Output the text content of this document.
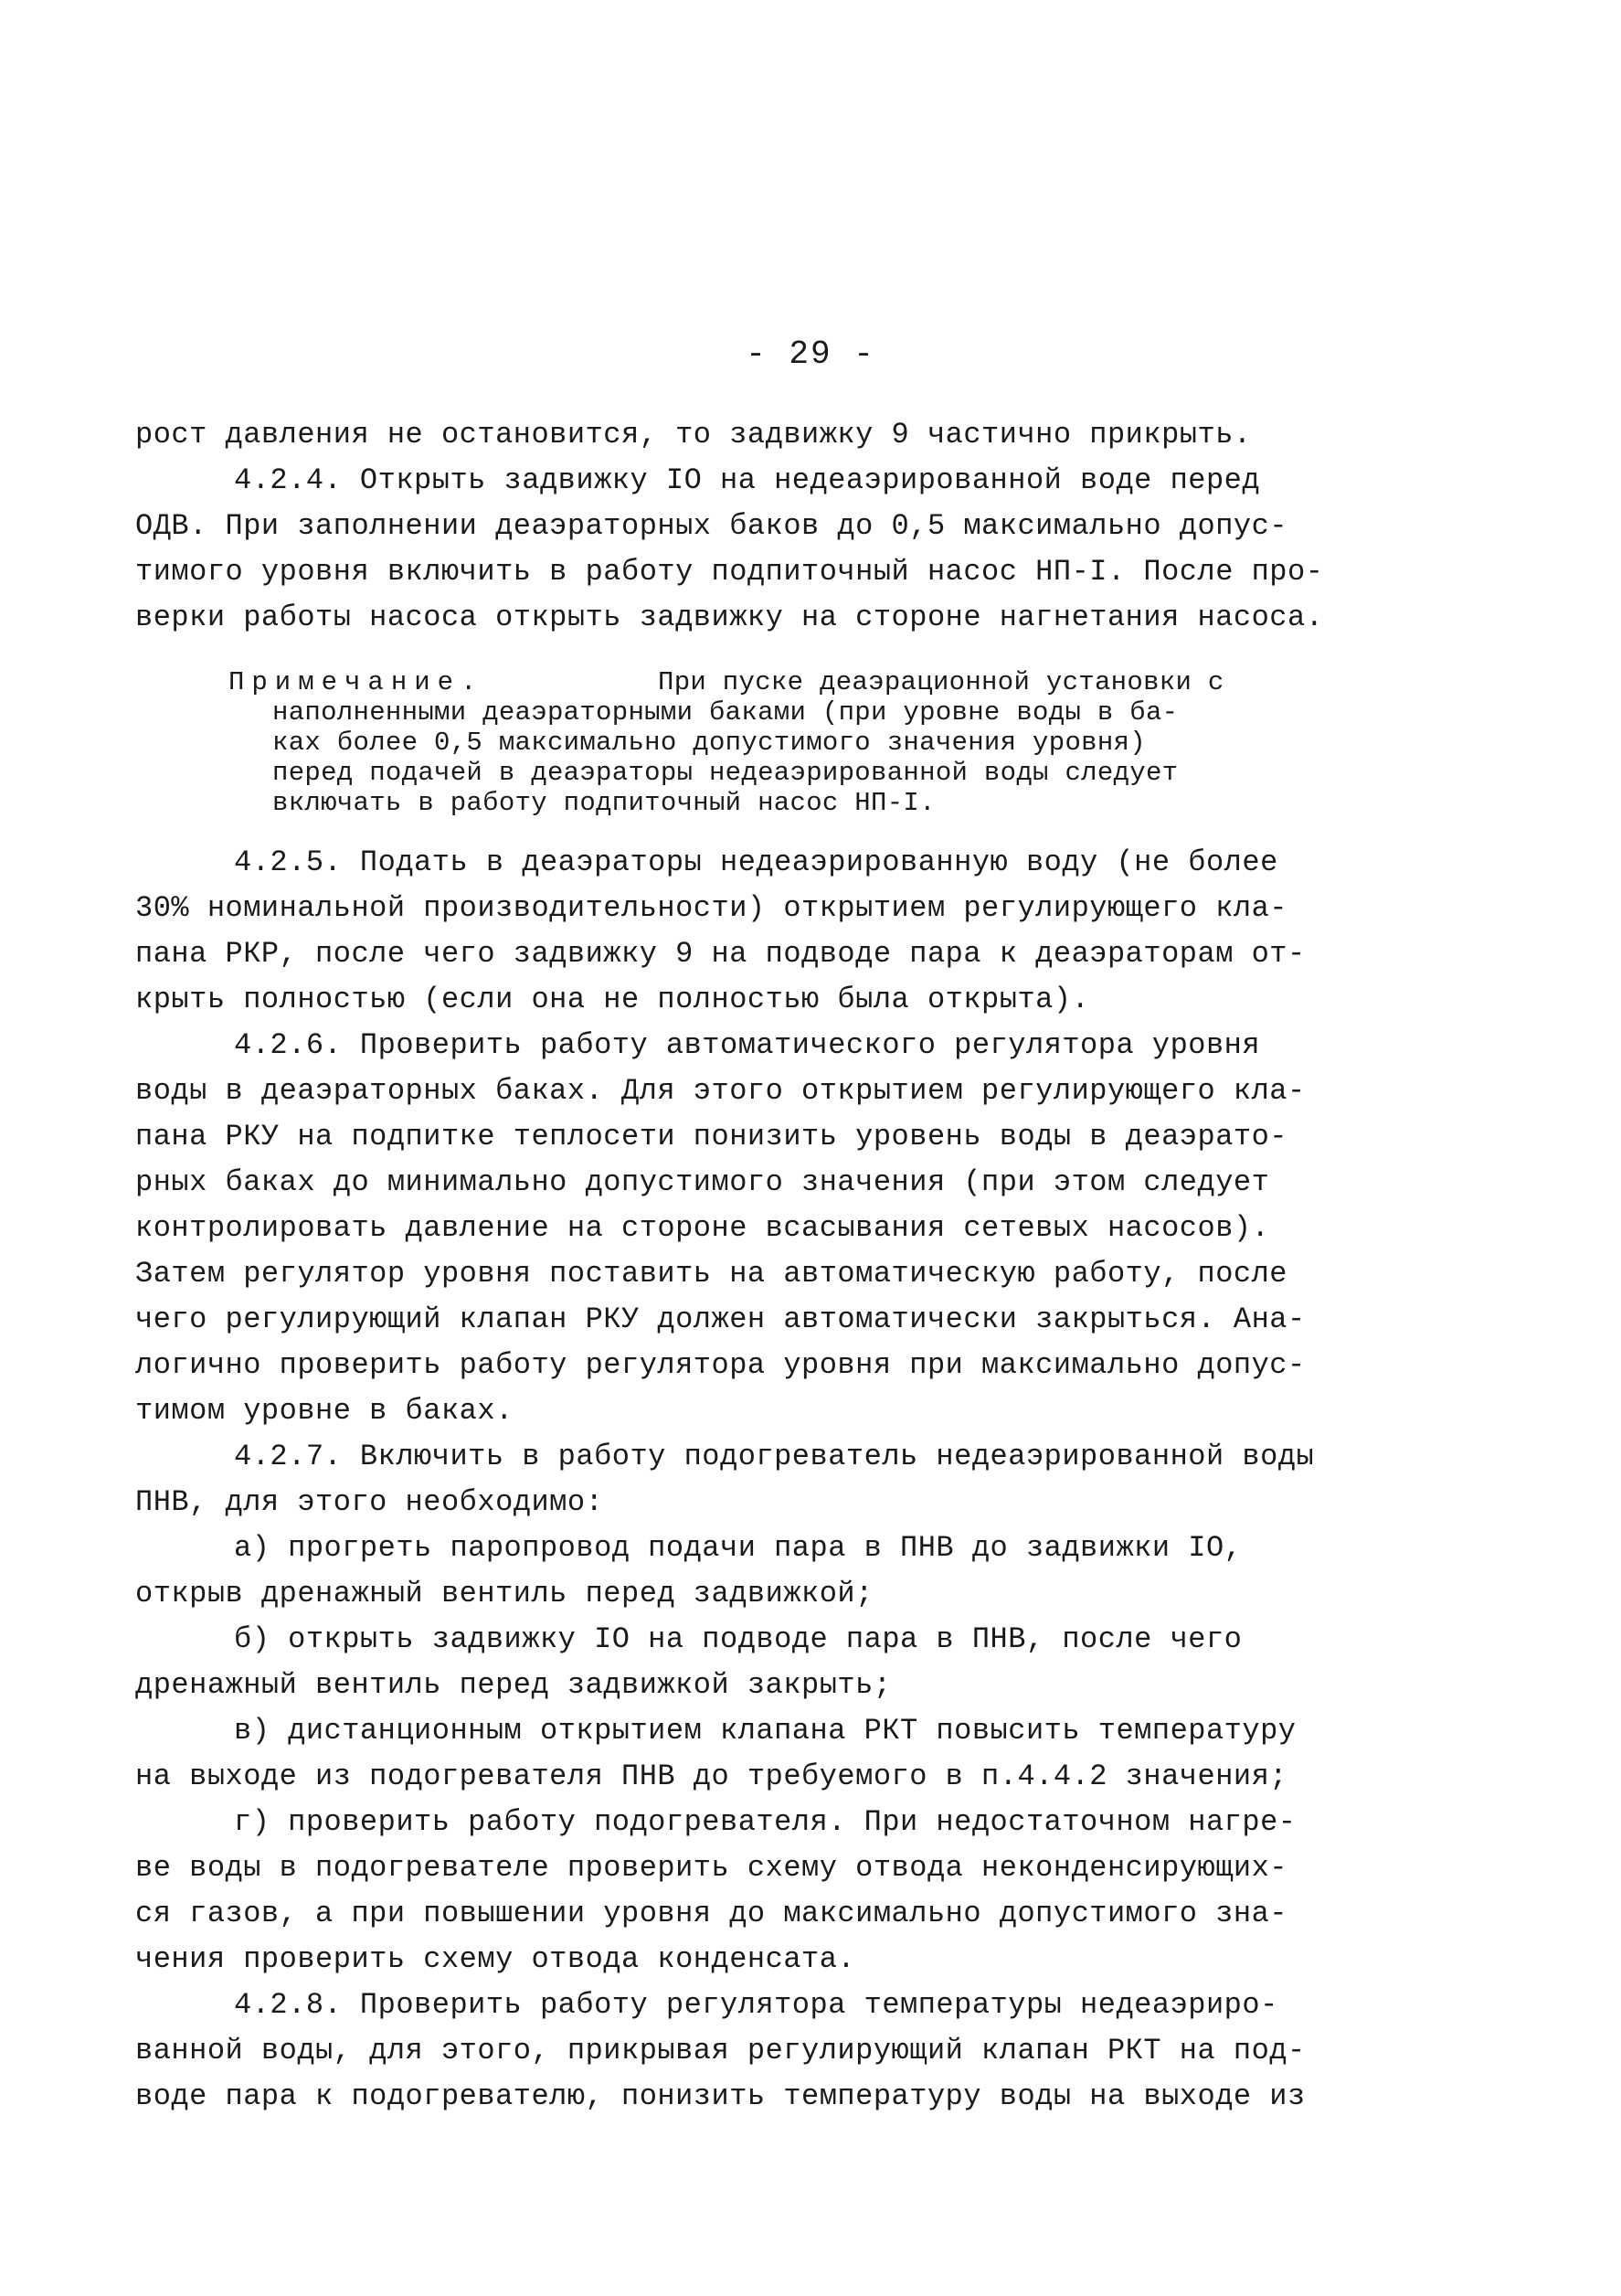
- 29 -
рост давления не остановится, то задвижку 9 частично прикрыть.
4.2.4. Открыть задвижку IO на недеаэрированной воде перед
ОДВ. При заполнении деаэраторных баков до 0,5 максимально допус-
тимого уровня включить в работу подпиточный насос НП-I. После про-
верки работы насоса открыть задвижку на стороне нагнетания насоса.
Примечание.	При пуске деаэрационной установки с
наполненными деаэраторными баками (при уровне воды в ба-
ках более 0,5 максимально допустимого значения уровня)
перед подачей в деаэраторы недеаэрированной воды следует
включать в работу подпиточный насос НП-I.
4.2.5. Подать в деаэраторы недеаэрированную воду (не более
30% номинальной производительности) открытием регулирующего кла-
пана РКР, после чего задвижку 9 на подводе пара к деаэраторам от-
крыть полностью (если она не полностью была открыта).
4.2.6. Проверить работу автоматического регулятора уровня
воды в деаэраторных баках. Для этого открытием регулирующего кла-
пана РКУ на подпитке теплосети понизить уровень воды в деаэрато-
рных баках до минимально допустимого значения (при этом следует
контролировать давление на стороне всасывания сетевых насосов).
Затем регулятор уровня поставить на автоматическую работу, после
чего регулирующий клапан РКУ должен автоматически закрыться. Ана-
логично проверить работу регулятора уровня при максимально допус-
тимом уровне в баках.
4.2.7. Включить в работу подогреватель недеаэрированной воды
ПНВ, для этого необходимо:
а) прогреть паропровод подачи пара в ПНВ до задвижки IO,
открыв дренажный вентиль перед задвижкой;
б) открыть задвижку IO на подводе пара в ПНВ, после чего
дренажный вентиль перед задвижкой закрыть;
в) дистанционным открытием клапана РКТ повысить температуру
на выходе из подогревателя ПНВ до требуемого в п.4.4.2 значения;
г) проверить работу подогревателя. При недостаточном нагре-
ве воды в подогревателе проверить схему отвода неконденсирующих-
ся газов, а при повышении уровня до максимально допустимого зна-
чения проверить схему отвода конденсата.
4.2.8. Проверить работу регулятора температуры недеаэриро-
ванной воды, для этого, прикрывая регулирующий клапан РКТ на под-
воде пара к подогревателю, понизить температуру воды на выходе из
